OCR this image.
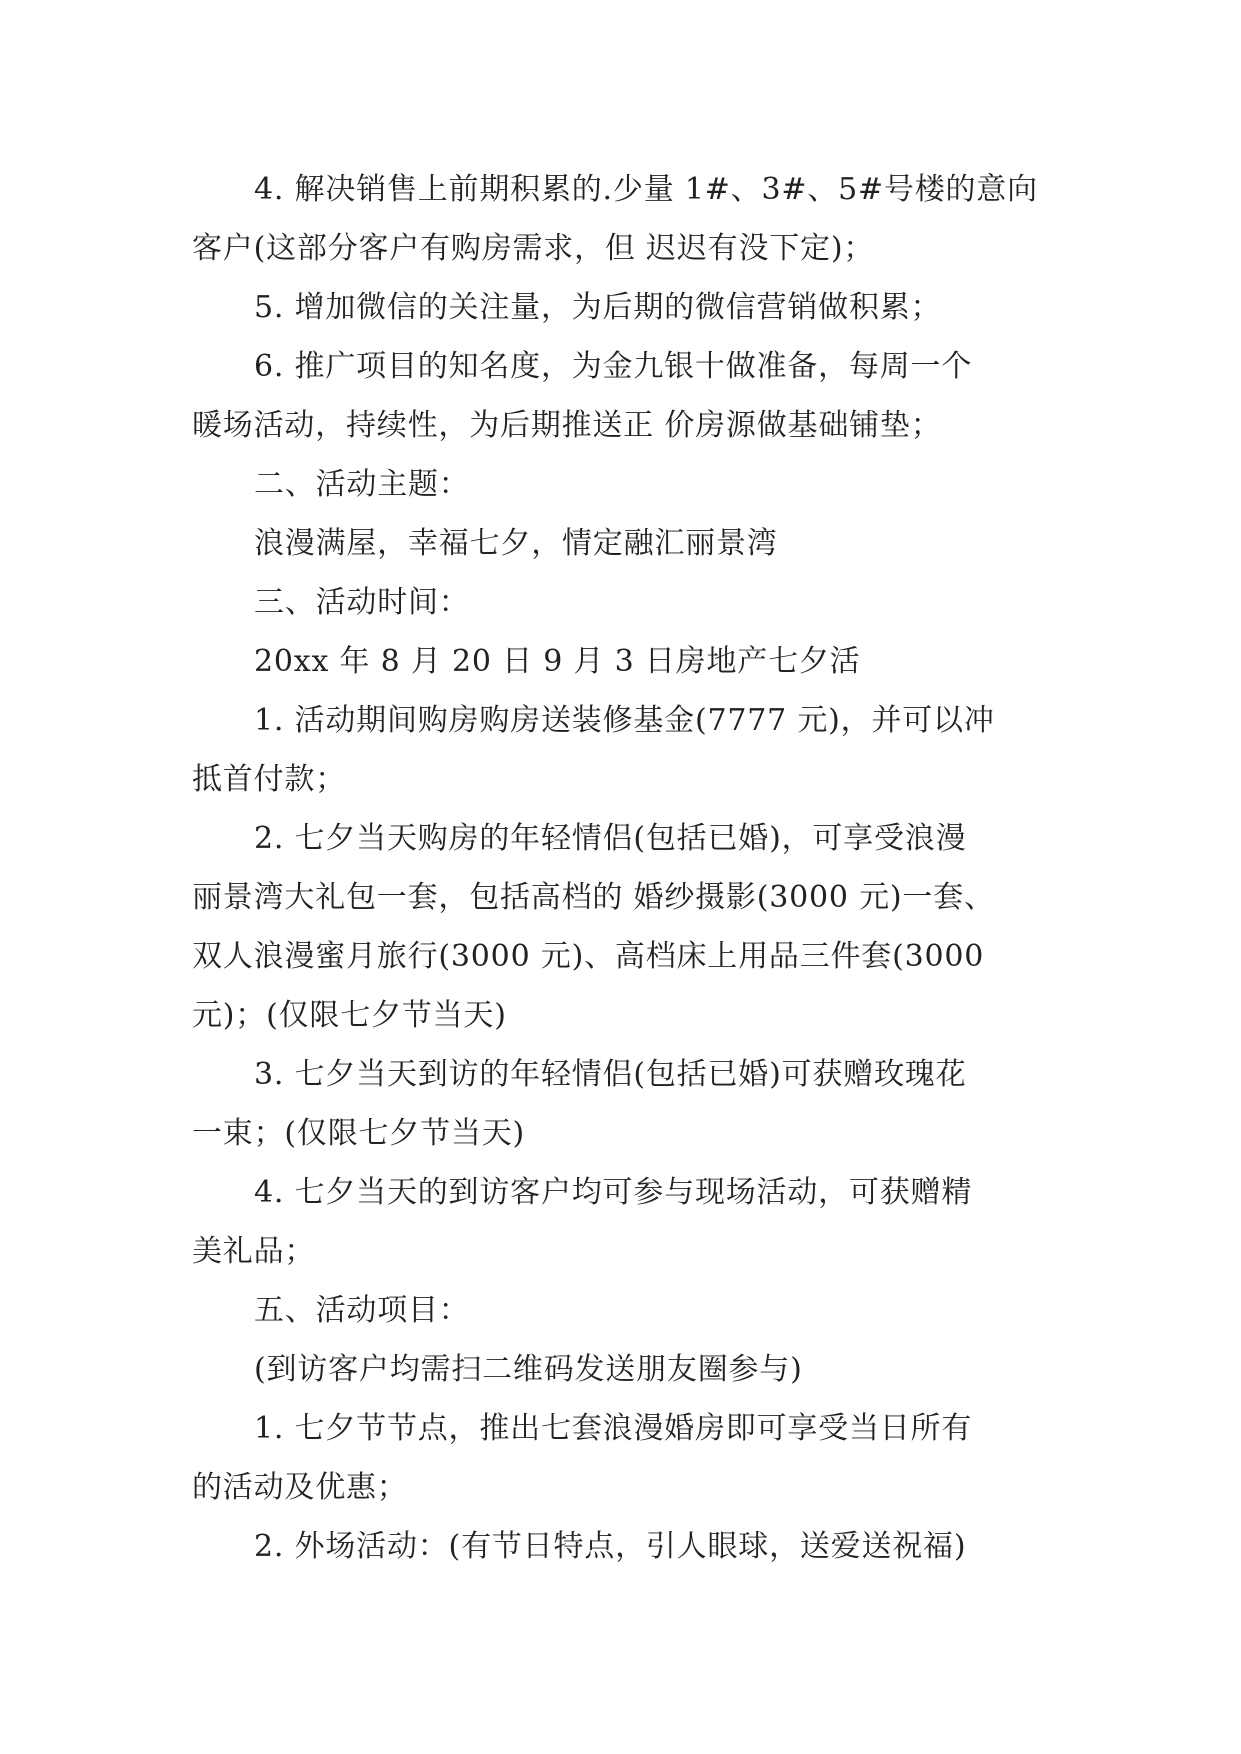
4. 解决销售上前期积累的.少量 1#、3#、5#号楼的意向
客户(这部分客户有购房需求，但 迟迟有没下定)；
5. 增加微信的关注量，为后期的微信营销做积累；
6. 推广项目的知名度，为金九银十做准备，每周一个
暖场活动，持续性，为后期推送正 价房源做基础铺垫；
二、活动主题：
浪漫满屋，幸福七夕，情定融汇丽景湾
三、活动时间：
20xx 年 8 月 20 日 9 月 3 日房地产七夕活
1. 活动期间购房购房送装修基金(7777 元)，并可以冲
抵首付款；
2. 七夕当天购房的年轻情侣(包括已婚)，可享受浪漫
丽景湾大礼包一套，包括高档的 婚纱摄影(3000 元)一套、
双人浪漫蜜月旅行(3000 元)、高档床上用品三件套(3000
元)；(仅限七夕节当天)
3. 七夕当天到访的年轻情侣(包括已婚)可获赠玫瑰花
一束；(仅限七夕节当天)
4. 七夕当天的到访客户均可参与现场活动，可获赠精
美礼品；
五、活动项目：
(到访客户均需扫二维码发送朋友圈参与)
1. 七夕节节点，推出七套浪漫婚房即可享受当日所有
的活动及优惠；
2. 外场活动：(有节日特点，引人眼球，送爱送祝福)
